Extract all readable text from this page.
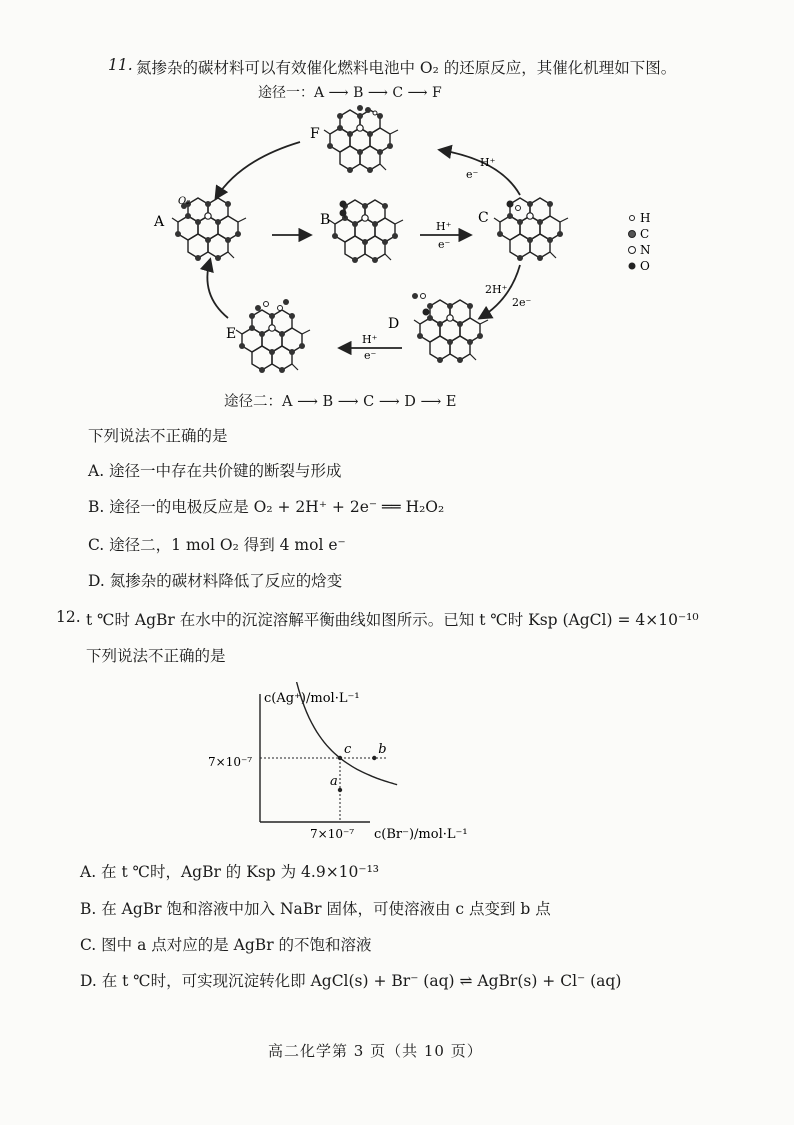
11. 氮掺杂的碳材料可以有效催化燃料电池中 O₂ 的还原反应，其催化机理如下图。
途径一：A ⟶ B ⟶ C ⟶ F
F
A
O₂
B	C
D
E
H⁺
e⁻
H⁺
e⁻
2H⁺
2e⁻
H⁺
e⁻
H
C
N
O
途径二：A ⟶ B ⟶ C ⟶ D ⟶ E
下列说法不正确的是
A. 途径一中存在共价键的断裂与形成
B. 途径一的电极反应是 O₂ + 2H⁺ + 2e⁻ ══ H₂O₂
C. 途径二，1 mol O₂ 得到 4 mol e⁻
D. 氮掺杂的碳材料降低了反应的焓变
12. t ℃时 AgBr 在水中的沉淀溶解平衡曲线如图所示。已知 t ℃时 Ksp (AgCl) = 4×10⁻¹⁰
下列说法不正确的是
c(Ag⁺)/mol·L⁻¹
c(Br⁻)/mol·L⁻¹
7×10⁻⁷
7×10⁻⁷
a
c b
A. 在 t ℃时，AgBr 的 Ksp 为 4.9×10⁻¹³
B. 在 AgBr 饱和溶液中加入 NaBr 固体，可使溶液由 c 点变到 b 点
C. 图中 a 点对应的是 AgBr 的不饱和溶液
D. 在 t ℃时，可实现沉淀转化即 AgCl(s) + Br⁻ (aq) ⇌ AgBr(s) + Cl⁻ (aq)
高二化学第 3 页（共 10 页）
